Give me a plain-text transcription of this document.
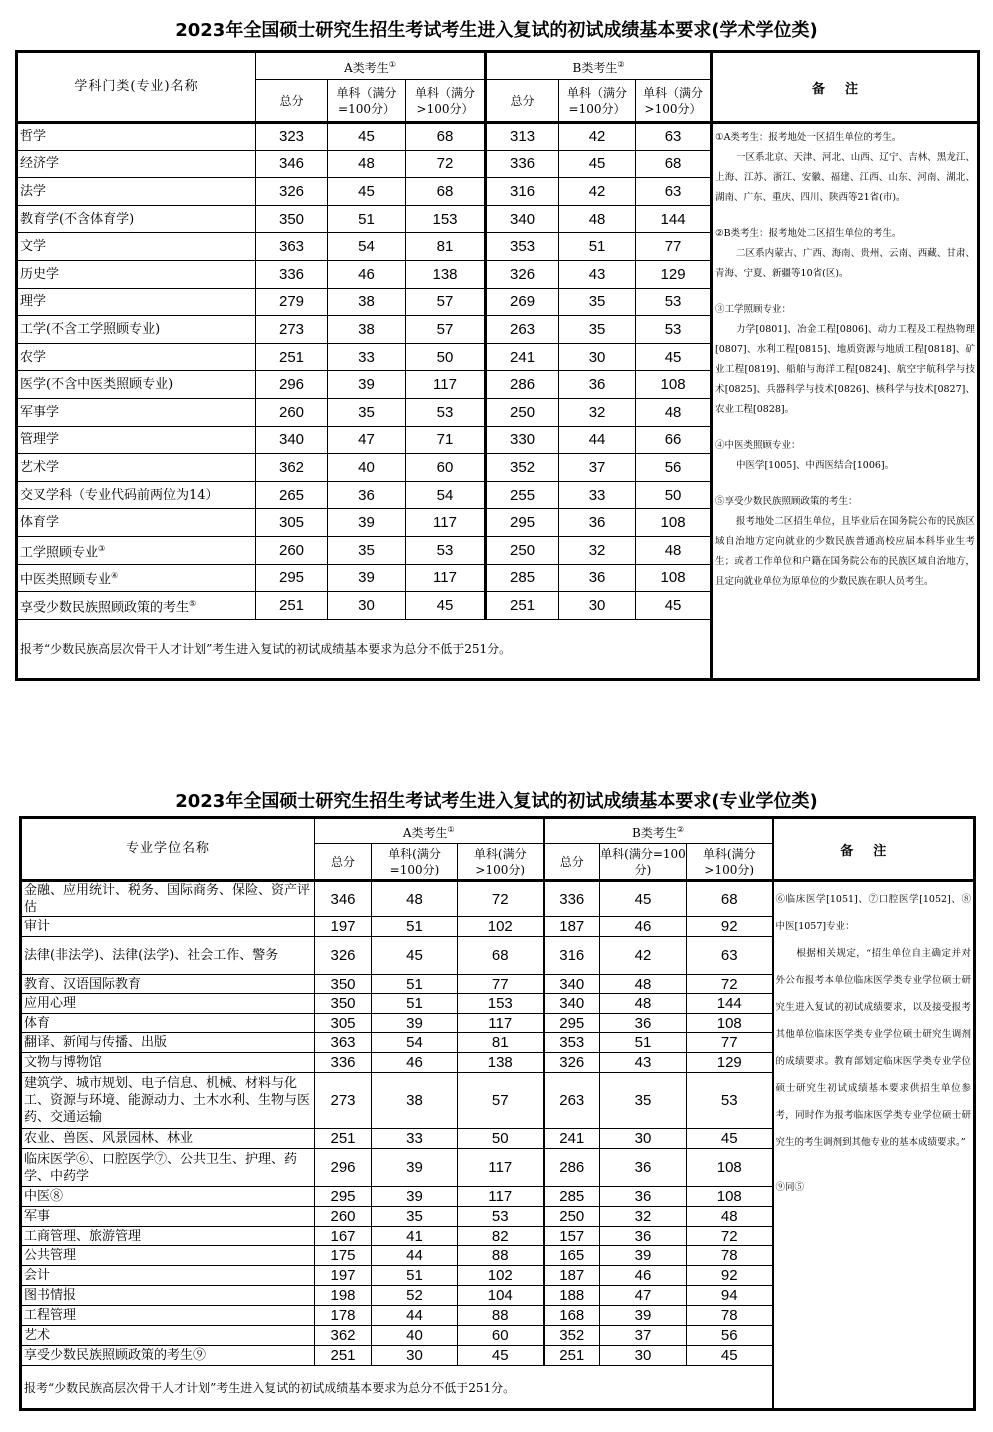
2023年全国硕士研究生招生考试考生进入复试的初试成绩基本要求(学术学位类)
学科门类(专业)名称	A类考生①			B类考生②			备注
	总分	单科（满分=100分）	单科（满分>100分）	总分	单科（满分=100分）	单科（满分>100分）	
哲学	323	45	68	313	42	63	①A类考生：报考地处一区招生单位的考生。
一区系北京、天津、河北、山西、辽宁、吉林、黑龙江、上海、江苏、浙江、安徽、福建、江西、山东、河南、湖北、湖南、广东、重庆、四川、陕西等21省(市)。
②B类考生：报考地处二区招生单位的考生。
二区系内蒙古、广西、海南、贵州、云南、西藏、甘肃、青海、宁夏、新疆等10省(区)。
③工学照顾专业：
力学[0801]、冶金工程[0806]、动力工程及工程热物理[0807]、水利工程[0815]、地质资源与地质工程[0818]、矿业工程[0819]、船舶与海洋工程[0824]、航空宇航科学与技术[0825]、兵器科学与技术[0826]、核科学与技术[0827]、农业工程[0828]。
④中医类照顾专业：
中医学[1005]、中西医结合[1006]。
⑤享受少数民族照顾政策的考生：
报考地处二区招生单位，且毕业后在国务院公布的民族区域自治地方定向就业的少数民族普通高校应届本科毕业生考生；或者工作单位和户籍在国务院公布的民族区域自治地方，且定向就业单位为原单位的少数民族在职人员考生。

经济学	346	48	72	336	45	68	
法学	326	45	68	316	42	63	
教育学(不含体育学)	350	51	153	340	48	144	
文学	363	54	81	353	51	77	
历史学	336	46	138	326	43	129	
理学	279	38	57	269	35	53	
工学(不含工学照顾专业)	273	38	57	263	35	53	
农学	251	33	50	241	30	45	
医学(不含中医类照顾专业)	296	39	117	286	36	108	
军事学	260	35	53	250	32	48	
管理学	340	47	71	330	44	66	
艺术学	362	40	60	352	37	56	
交叉学科（专业代码前两位为14）	265	36	54	255	33	50	
体育学	305	39	117	295	36	108	
工学照顾专业③	260	35	53	250	32	48	
中医类照顾专业④	295	39	117	285	36	108	
享受少数民族照顾政策的考生⑤	251	30	45	251	30	45	
报考“少数民族高层次骨干人才计划”考生进入复试的初试成绩基本要求为总分不低于251分。							
2023年全国硕士研究生招生考试考生进入复试的初试成绩基本要求(专业学位类)
专业学位名称	A类考生①			B类考生②			备注
	总分	单科(满分=100分)	单科(满分>100分)	总分	单科(满分=100分)	单科(满分>100分)	
金融、应用统计、税务、国际商务、保险、资产评估	346	48	72	336	45	68	⑥临床医学[1051]、⑦口腔医学[1052]、⑧中医[1057]专业：
根据相关规定，“招生单位自主确定并对外公布报考本单位临床医学类专业学位硕士研究生进入复试的初试成绩要求，以及接受报考其他单位临床医学类专业学位硕士研究生调剂的成绩要求。教育部划定临床医学类专业学位硕士研究生初试成绩基本要求供招生单位参考，同时作为报考临床医学类专业学位硕士研究生的考生调剂到其他专业的基本成绩要求。”
⑨同⑤

审计	197	51	102	187	46	92	
法律(非法学)、法律(法学)、社会工作、警务	326	45	68	316	42	63	
教育、汉语国际教育	350	51	77	340	48	72	
应用心理	350	51	153	340	48	144	
体育	305	39	117	295	36	108	
翻译、新闻与传播、出版	363	54	81	353	51	77	
文物与博物馆	336	46	138	326	43	129	
建筑学、城市规划、电子信息、机械、材料与化工、资源与环境、能源动力、土木水利、生物与医药、交通运输	273	38	57	263	35	53	
农业、兽医、风景园林、林业	251	33	50	241	30	45	
临床医学⑥、口腔医学⑦、公共卫生、护理、药学、中药学	296	39	117	286	36	108	
中医⑧	295	39	117	285	36	108	
军事	260	35	53	250	32	48	
工商管理、旅游管理	167	41	82	157	36	72	
公共管理	175	44	88	165	39	78	
会计	197	51	102	187	46	92	
图书情报	198	52	104	188	47	94	
工程管理	178	44	88	168	39	78	
艺术	362	40	60	352	37	56	
享受少数民族照顾政策的考生⑨	251	30	45	251	30	45	
报考“少数民族高层次骨干人才计划”考生进入复试的初试成绩基本要求为总分不低于251分。							
